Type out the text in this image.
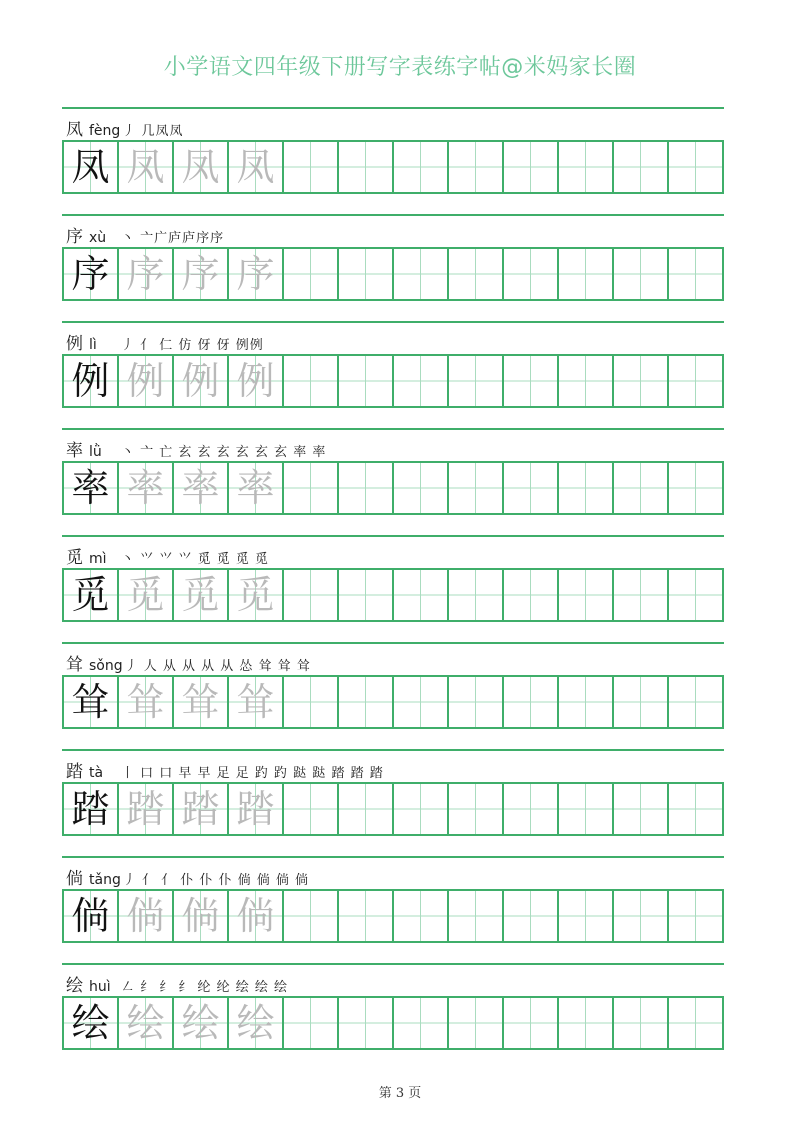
小学语文四年级下册写字表练字帖@米妈家长圈
凤 fèng 丿 几凤凤
凤 凤 凤 凤
序 xù	丶 亠广庐庐序序
序 序 序 序
例 lì	丿 亻 仁 仿 伢 伢 例例
例 例 例 例
率 lǜ	丶 亠 亡 玄 玄 玄 玄 玄 玄 率 率
率 率 率 率
觅 mì	丶 ⺍ ⺍ ⺍ 觅 觅 觅 觅
觅 觅 觅 觅
耸 sǒng 丿 人 从 从 从 从 怂 耸 耸 耸
耸 耸 耸 耸
踏 tà	丨 口 口 早 早 足 足 趵 趵 跶 跶 踏 踏 踏
踏 踏 踏 踏
倘 tǎng 丿 亻 亻 仆 仆 仆 倘 倘 倘 倘
倘 倘 倘 倘
绘 huì ㇜ 纟 纟 纟 纶 纶 绘 绘 绘
绘 绘 绘 绘
第 3 页
